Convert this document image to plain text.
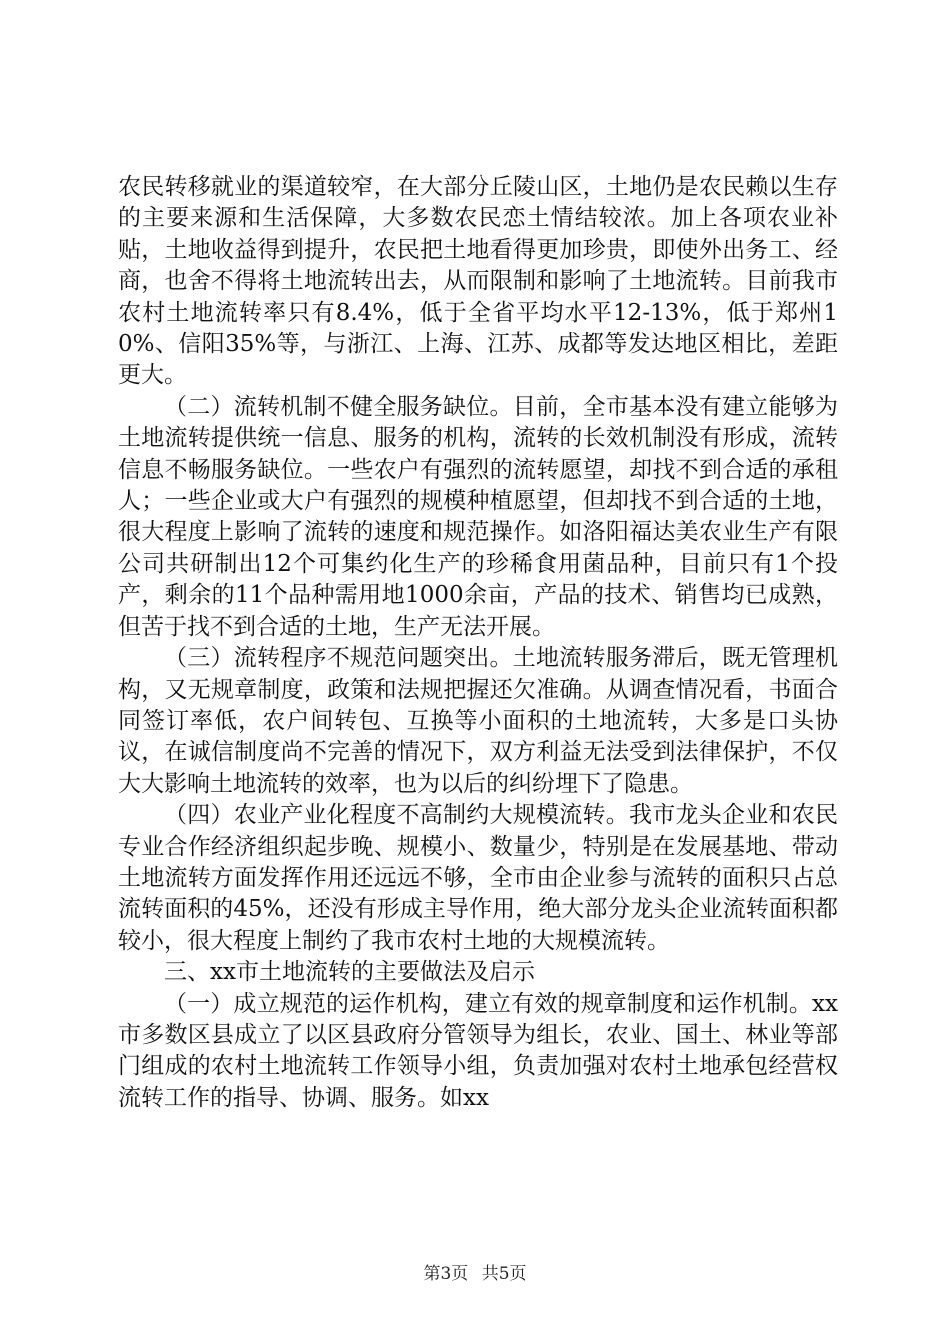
农民转移就业的渠道较窄，在大部分丘陵山区，土地仍是农民赖以生存的主要来源和生活保障，大多数农民恋土情结较浓。加上各项农业补贴，土地收益得到提升，农民把土地看得更加珍贵，即使外出务工、经商，也舍不得将土地流转出去，从而限制和影响了土地流转。目前我市农村土地流转率只有8.4%，低于全省平均水平12-13%，低于郑州10%、信阳35%等，与浙江、上海、江苏、成都等发达地区相比，差距更大。

（二）流转机制不健全服务缺位。目前，全市基本没有建立能够为土地流转提供统一信息、服务的机构，流转的长效机制没有形成，流转信息不畅服务缺位。一些农户有强烈的流转愿望，却找不到合适的承租人；一些企业或大户有强烈的规模种植愿望，但却找不到合适的土地，很大程度上影响了流转的速度和规范操作。如洛阳福达美农业生产有限公司共研制出12个可集约化生产的珍稀食用菌品种，目前只有1个投产，剩余的11个品种需用地1000余亩，产品的技术、销售均已成熟，但苦于找不到合适的土地，生产无法开展。

（三）流转程序不规范问题突出。土地流转服务滞后，既无管理机构，又无规章制度，政策和法规把握还欠准确。从调查情况看，书面合同签订率低，农户间转包、互换等小面积的土地流转，大多是口头协议，在诚信制度尚不完善的情况下，双方利益无法受到法律保护，不仅大大影响土地流转的效率，也为以后的纠纷埋下了隐患。

（四）农业产业化程度不高制约大规模流转。我市龙头企业和农民专业合作经济组织起步晚、规模小、数量少，特别是在发展基地、带动土地流转方面发挥作用还远远不够，全市由企业参与流转的面积只占总流转面积的45%，还没有形成主导作用，绝大部分龙头企业流转面积都较小，很大程度上制约了我市农村土地的大规模流转。

三、xx市土地流转的主要做法及启示

（一）成立规范的运作机构，建立有效的规章制度和运作机制。xx市多数区县成立了以区县政府分管领导为组长，农业、国土、林业等部门组成的农村土地流转工作领导小组，负责加强对农村土地承包经营权流转工作的指导、协调、服务。如xx

第3页 共5页
